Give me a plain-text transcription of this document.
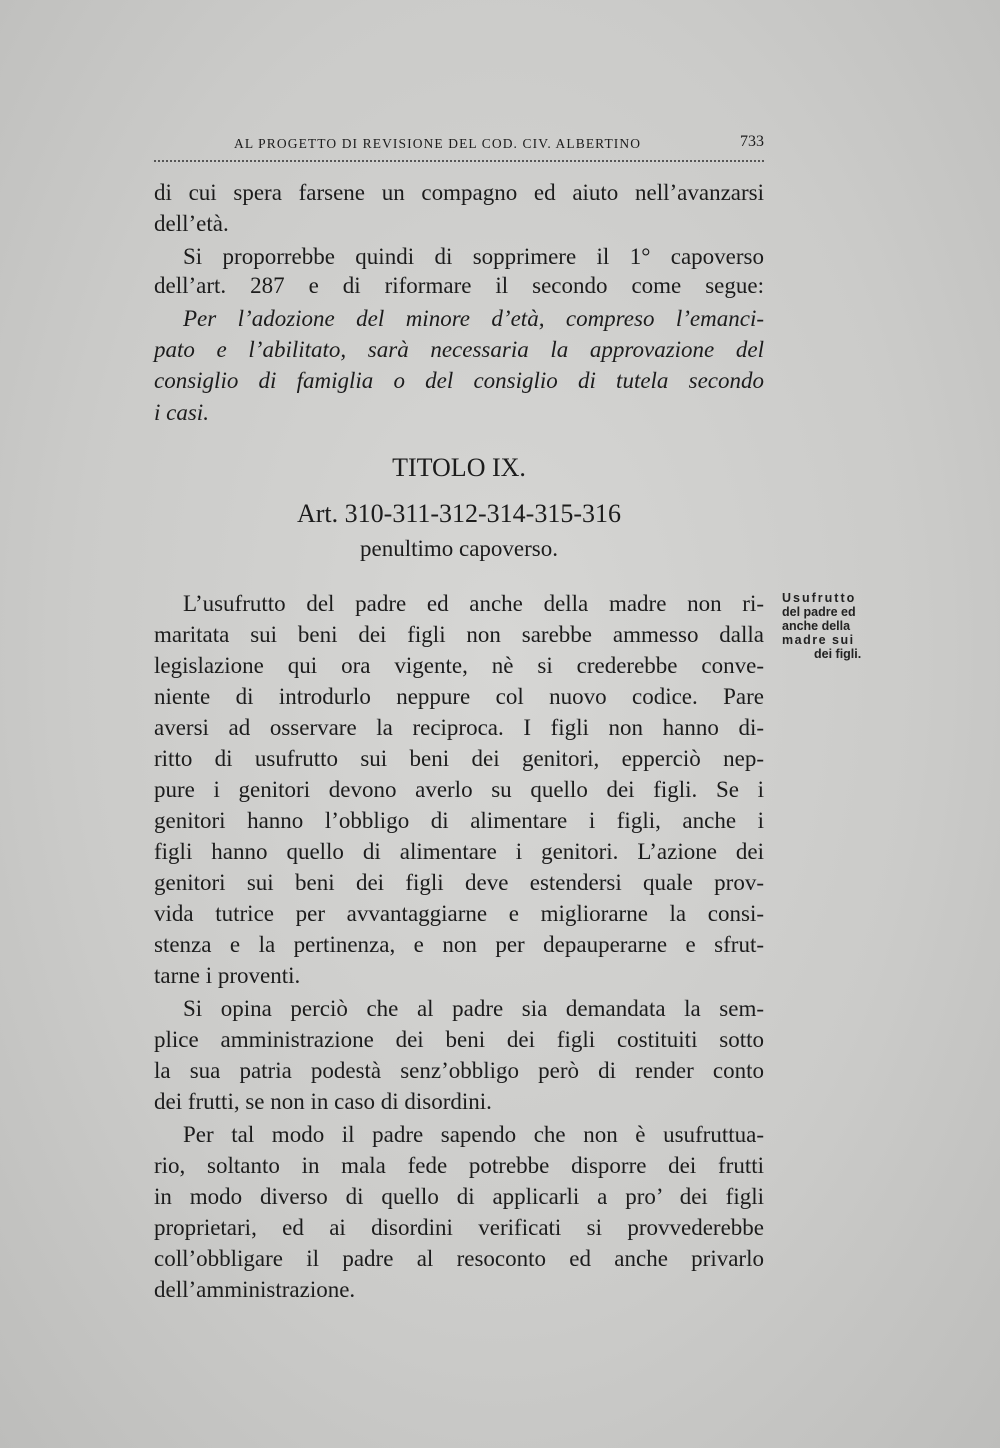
AL PROGETTO DI REVISIONE DEL COD. CIV. ALBERTINO	733
di cui spera farsene un compagno ed aiuto nell’avanzarsi
dell’età.
Si proporrebbe quindi di sopprimere il 1° capoverso
dell’art. 287 e di riformare il secondo come segue:
Per l’adozione del minore d’età, compreso l’emanci-
pato e l’abilitato, sarà necessaria la approvazione del
consiglio di famiglia o del consiglio di tutela secondo
i casi.
TITOLO IX.
Art. 310-311-312-314-315-316
penultimo capoverso.
L’usufrutto del padre ed anche della madre non ri-
maritata sui beni dei figli non sarebbe ammesso dalla
legislazione qui ora vigente, nè si crederebbe conve-
niente di introdurlo neppure col nuovo codice. Pare
aversi ad osservare la reciproca. I figli non hanno di-
ritto di usufrutto sui beni dei genitori, epperciò nep-
pure i genitori devono averlo su quello dei figli. Se i
genitori hanno l’obbligo di alimentare i figli, anche i
figli hanno quello di alimentare i genitori. L’azione dei
genitori sui beni dei figli deve estendersi quale prov-
vida tutrice per avvantaggiarne e migliorarne la consi-
stenza e la pertinenza, e non per depauperarne e sfrut-
tarne i proventi.
Si opina perciò che al padre sia demandata la sem-
plice amministrazione dei beni dei figli costituiti sotto
la sua patria podestà senz’obbligo però di render conto
dei frutti, se non in caso di disordini.
Per tal modo il padre sapendo che non è usufruttua-
rio, soltanto in mala fede potrebbe disporre dei frutti
in modo diverso di quello di applicarli a pro’ dei figli
proprietari, ed ai disordini verificati si provvederebbe
coll’obbligare il padre al resoconto ed anche privarlo
dell’amministrazione.
Usufrutto
del padre ed
anche della
madre sui
dei figli.
